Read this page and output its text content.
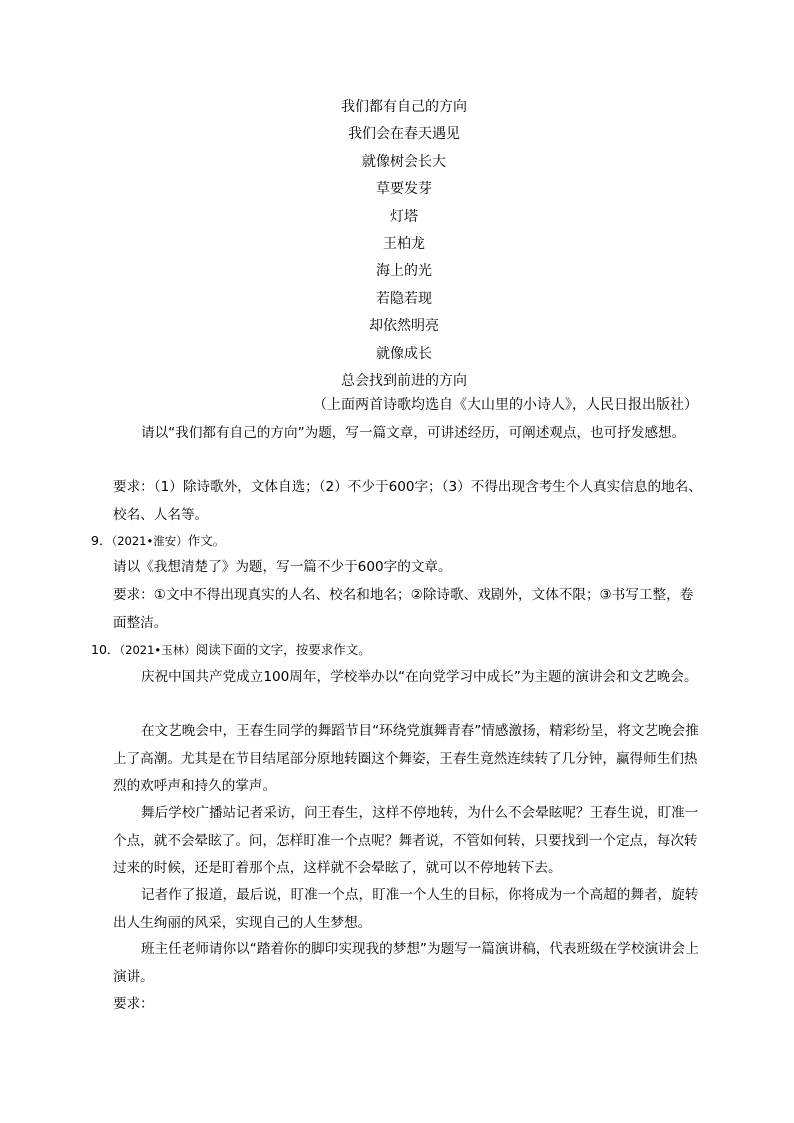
我们都有自己的方向
我们会在春天遇见
就像树会长大
草要发芽
灯塔
王柏龙
海上的光
若隐若现
却依然明亮
就像成长
总会找到前进的方向
（上面两首诗歌均选自《大山里的小诗人》，人民日报出版社）
请以“我们都有自己的方向”为题，写一篇文章，可讲述经历，可阐述观点，也可抒发感想。
要求：（1）除诗歌外，文体自选；（2）不少于600字；（3）不得出现含考生个人真实信息的地名、校名、人名等。
9．（2021•淮安）作文。
请以《我想清楚了》为题，写一篇不少于600字的文章。
要求：①文中不得出现真实的人名、校名和地名；②除诗歌、戏剧外，文体不限；③书写工整，卷面整洁。
10．（2021•玉林）阅读下面的文字，按要求作文。
庆祝中国共产党成立100周年，学校举办以“在向党学习中成长”为主题的演讲会和文艺晚会。
在文艺晚会中，王春生同学的舞蹈节目“环绕党旗舞青春”情感激扬，精彩纷呈，将文艺晚会推上了高潮。尤其是在节目结尾部分原地转圈这个舞姿，王春生竟然连续转了几分钟，赢得师生们热烈的欢呼声和持久的掌声。
舞后学校广播站记者采访，问王春生，这样不停地转，为什么不会晕眩呢？王春生说，盯准一个点，就不会晕眩了。问，怎样盯准一个点呢？舞者说，不管如何转，只要找到一个定点，每次转过来的时候，还是盯着那个点，这样就不会晕眩了，就可以不停地转下去。
记者作了报道，最后说，盯准一个点，盯准一个人生的目标，你将成为一个高超的舞者，旋转出人生绚丽的风采，实现自己的人生梦想。
班主任老师请你以“踏着你的脚印实现我的梦想”为题写一篇演讲稿，代表班级在学校演讲会上演讲。
要求：
